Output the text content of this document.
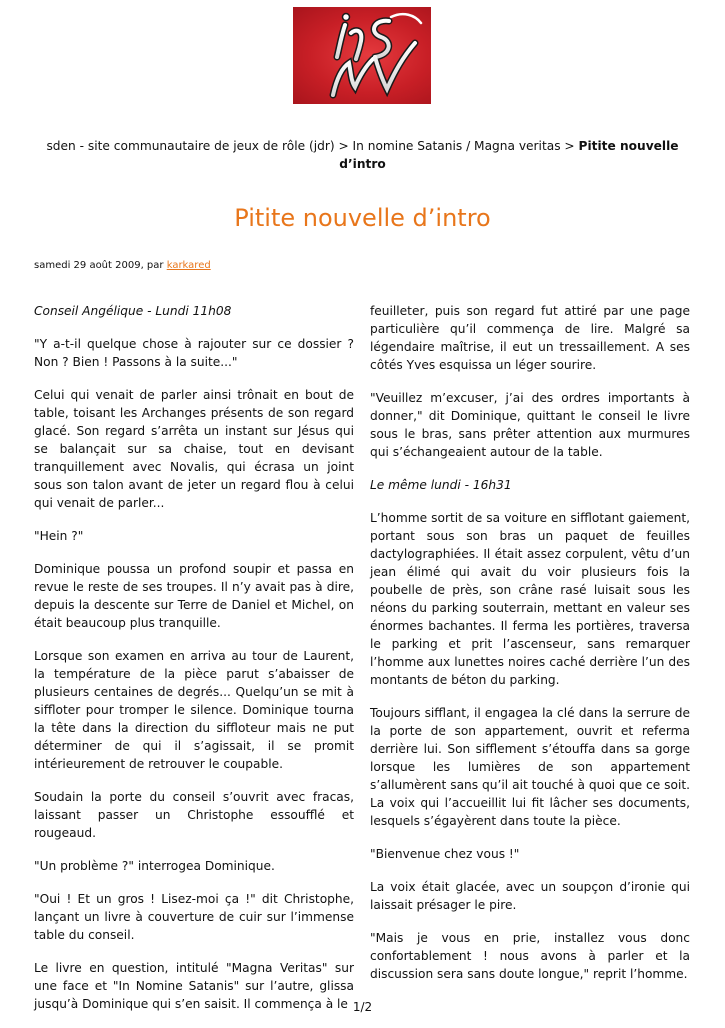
sden - site communautaire de jeux de rôle (jdr) > In nomine Satanis / Magna veritas > Pitite nouvelle d’intro
Pitite nouvelle d’intro
samedi 29 août 2009, par karkared

Conseil Angélique - Lundi 11h08

"Y a-t-il quelque chose à rajouter sur ce dossier ? Non ? Bien ! Passons à la suite..."

Celui qui venait de parler ainsi trônait en bout de table, toisant les Archanges présents de son regard glacé. Son regard s’arrêta un instant sur Jésus qui se balançait sur sa chaise, tout en devisant tranquillement avec Novalis, qui écrasa un joint sous son talon avant de jeter un regard flou à celui qui venait de parler...

"Hein ?"

Dominique poussa un profond soupir et passa en revue le reste de ses troupes. Il n’y avait pas à dire, depuis la descente sur Terre de Daniel et Michel, on était beaucoup plus tranquille.

Lorsque son examen en arriva au tour de Laurent, la température de la pièce parut s’abaisser de plusieurs centaines de degrés... Quelqu’un se mit à siffloter pour tromper le silence. Dominique tourna la tête dans la direction du siffloteur mais ne put déterminer de qui il s’agissait, il se promit intérieurement de retrouver le coupable.

Soudain la porte du conseil s’ouvrit avec fracas, laissant passer un Christophe essoufflé et rougeaud.

"Un problème ?" interrogea Dominique.

"Oui ! Et un gros ! Lisez-moi ça !" dit Christophe, lançant un livre à couverture de cuir sur l’immense table du conseil.

Le livre en question, intitulé "Magna Veritas" sur une face et "In Nomine Satanis" sur l’autre, glissa jusqu’à Dominique qui s’en saisit. Il commença à le

feuilleter, puis son regard fut attiré par une page particulière qu’il commença de lire. Malgré sa légendaire maîtrise, il eut un tressaillement. A ses côtés Yves esquissa un léger sourire.

"Veuillez m’excuser, j’ai des ordres importants à donner," dit Dominique, quittant le conseil le livre sous le bras, sans prêter attention aux murmures qui s’échangeaient autour de la table.

Le même lundi - 16h31

L’homme sortit de sa voiture en sifflotant gaiement, portant sous son bras un paquet de feuilles dactylographiées. Il était assez corpulent, vêtu d’un jean élimé qui avait du voir plusieurs fois la poubelle de près, son crâne rasé luisait sous les néons du parking souterrain, mettant en valeur ses énormes bachantes. Il ferma les portières, traversa le parking et prit l’ascenseur, sans remarquer l’homme aux lunettes noires caché derrière l’un des montants de béton du parking.

Toujours sifflant, il engagea la clé dans la serrure de la porte de son appartement, ouvrit et referma derrière lui. Son sifflement s’étouffa dans sa gorge lorsque les lumières de son appartement s’allumèrent sans qu’il ait touché à quoi que ce soit. La voix qui l’accueillit lui fit lâcher ses documents, lesquels s’égayèrent dans toute la pièce.

"Bienvenue chez vous !"

La voix était glacée, avec un soupçon d’ironie qui laissait présager le pire.

"Mais je vous en prie, installez vous donc confortablement ! nous avons à parler et la discussion sera sans doute longue," reprit l’homme.

1/2
